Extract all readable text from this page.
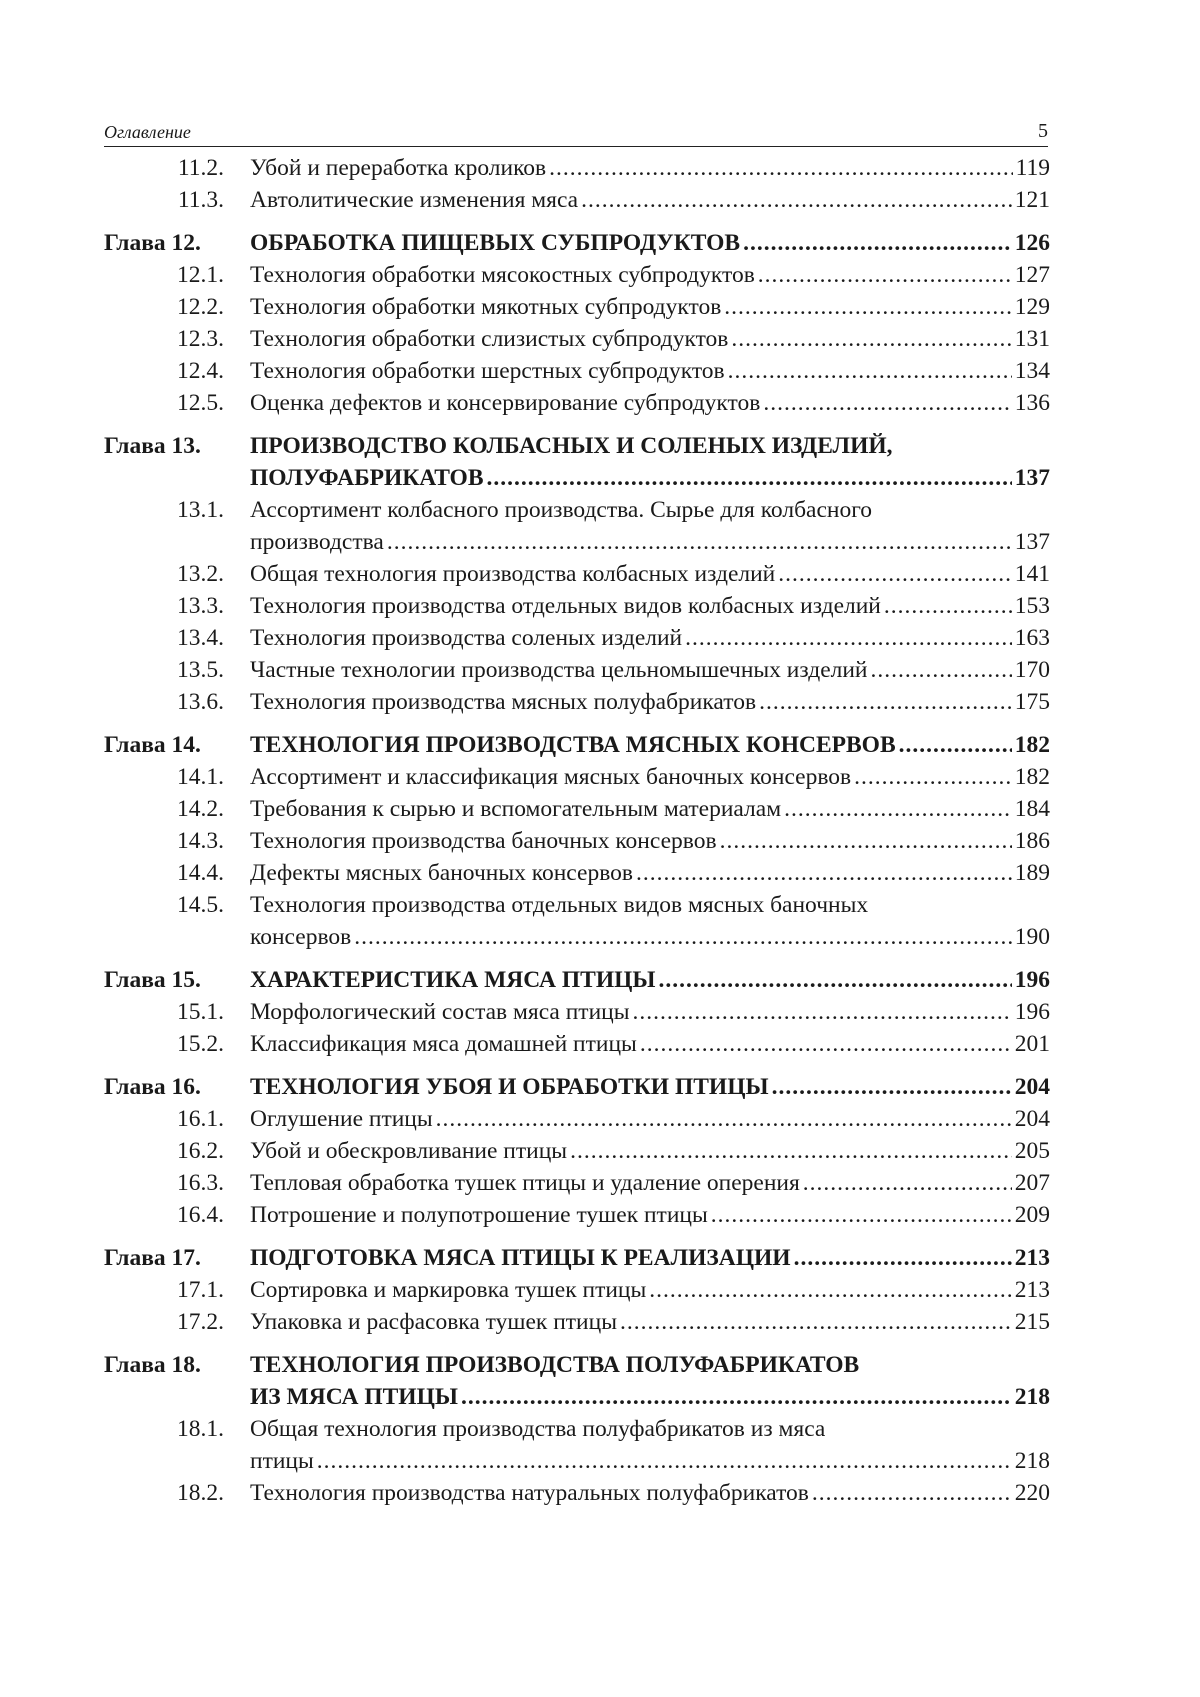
Оглавление	5
11.2. Убой и переработка кроликов
.....	119
11.3. Автолитические изменения мяса
.....	121
Глава 12. ОБРАБОТКА ПИЩЕВЫХ СУБПРОДУКТОВ
.....	126
12.1. Технология обработки мясокостных субпродуктов
.....	127
12.2. Технология обработки мякотных субпродуктов
.....	129
12.3. Технология обработки слизистых субпродуктов
.....	131
12.4. Технология обработки шерстных субпродуктов
.....	134
12.5. Оценка дефектов и консервирование субпродуктов
.....	136
Глава 13. ПРОИЗВОДСТВО КОЛБАСНЫХ И СОЛЕНЫХ ИЗДЕЛИЙ,
ПОЛУФАБРИКАТОВ
.....	137
13.1. Ассортимент колбасного производства. Сырье для колбасного
производства
.....	137
13.2. Общая технология производства колбасных изделий
.....	141
13.3. Технология производства отдельных видов колбасных изделий
.....	153
13.4. Технология производства соленых изделий
.....	163
13.5. Частные технологии производства цельномышечных изделий
.....	170
13.6. Технология производства мясных полуфабрикатов
.....	175
Глава 14. ТЕХНОЛОГИЯ ПРОИЗВОДСТВА МЯСНЫХ КОНСЕРВОВ
.....	182
14.1. Ассортимент и классификация мясных баночных консервов
.....	182
14.2. Требования к сырью и вспомогательным материалам
.....	184
14.3. Технология производства баночных консервов
.....	186
14.4. Дефекты мясных баночных консервов
.....	189
14.5. Технология производства отдельных видов мясных баночных
консервов
.....	190
Глава 15. ХАРАКТЕРИСТИКА МЯСА ПТИЦЫ
.....	196
15.1. Морфологический состав мяса птицы
.....	196
15.2. Классификация мяса домашней птицы
.....	201
Глава 16. ТЕХНОЛОГИЯ УБОЯ И ОБРАБОТКИ ПТИЦЫ
.....	204
16.1. Оглушение птицы
.....	204
16.2. Убой и обескровливание птицы
.....	205
16.3. Тепловая обработка тушек птицы и удаление оперения
.....	207
16.4. Потрошение и полупотрошение тушек птицы
.....	209
Глава 17. ПОДГОТОВКА МЯСА ПТИЦЫ К РЕАЛИЗАЦИИ
.....	213
17.1. Сортировка и маркировка тушек птицы
.....	213
17.2. Упаковка и расфасовка тушек птицы
.....	215
Глава 18. ТЕХНОЛОГИЯ ПРОИЗВОДСТВА ПОЛУФАБРИКАТОВ
ИЗ МЯСА ПТИЦЫ
.....	218
18.1. Общая технология производства полуфабрикатов из мяса
птицы
.....	218
18.2. Технология производства натуральных полуфабрикатов
.....	220
